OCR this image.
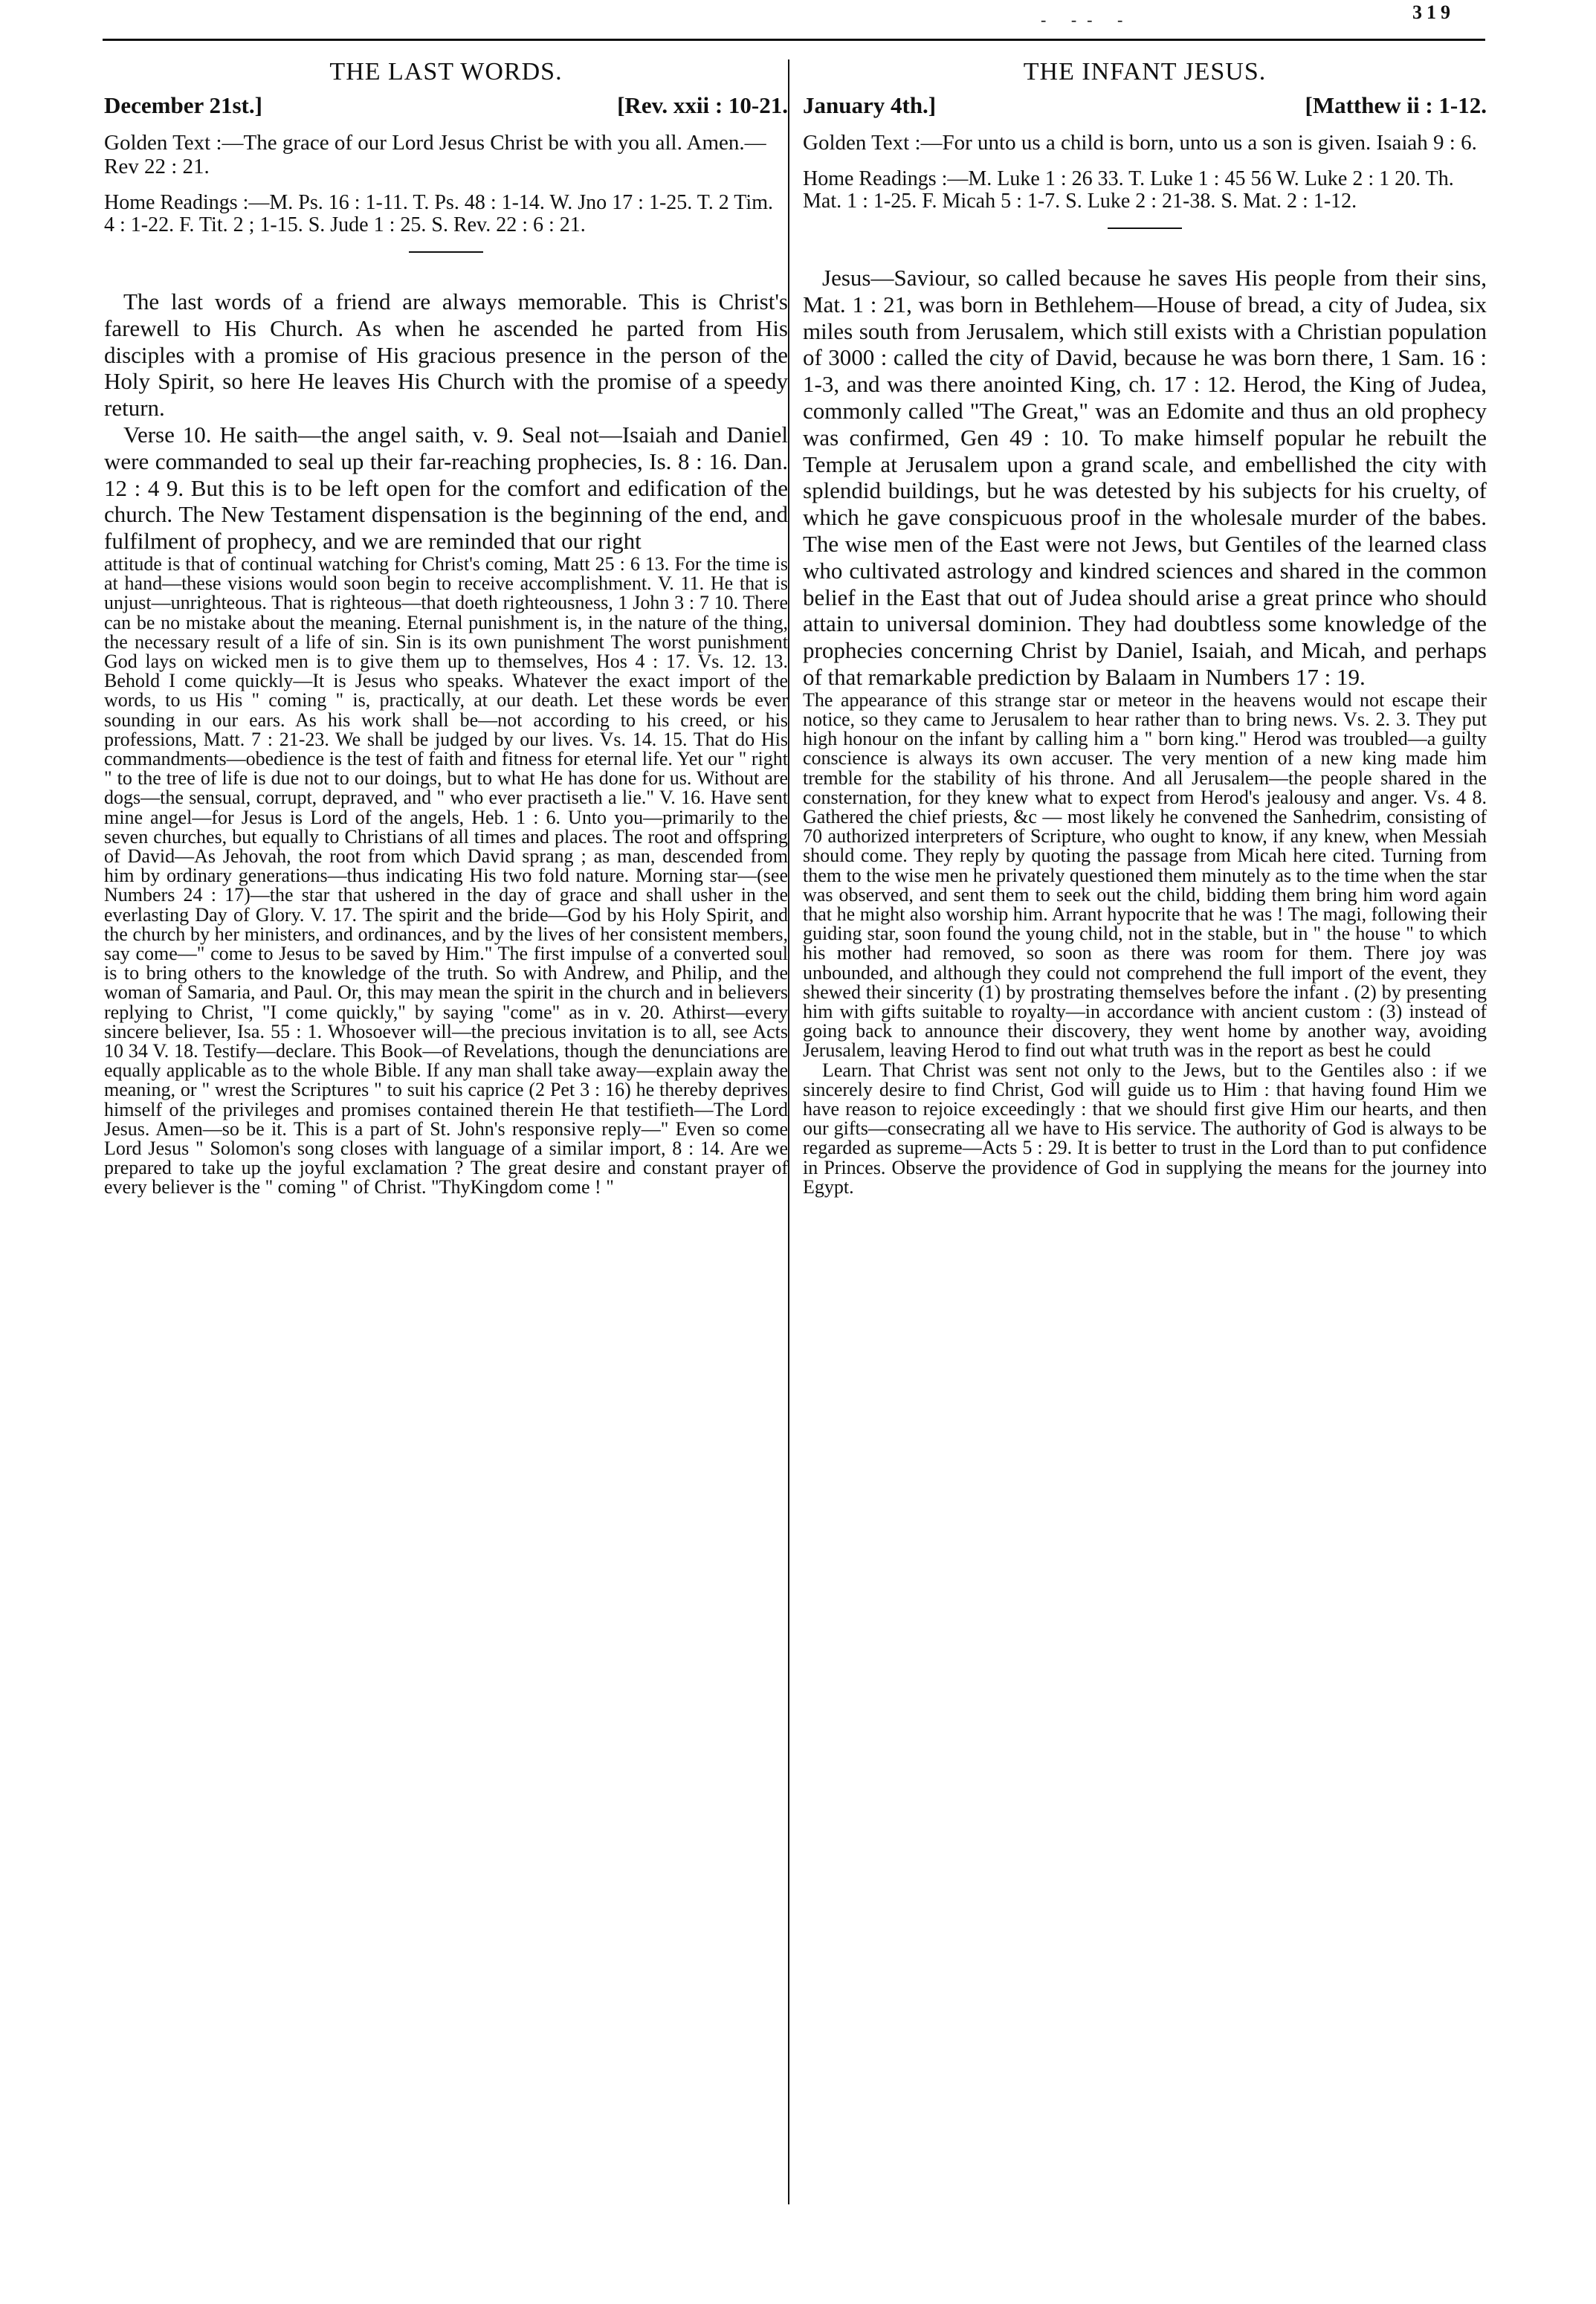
- -- -	319
THE LAST WORDS.
December 21st.]	[Rev. xxii : 10-21.
Golden Text :—The grace of our Lord Jesus Christ be with you all. Amen.—Rev 22 : 21.
Home Readings :—M. Ps. 16 : 1-11. T. Ps. 48 : 1-14. W. Jno 17 : 1-25. T. 2 Tim. 4 : 1-22. F. Tit. 2 ; 1-15. S. Jude 1 : 25. S. Rev. 22 : 6 : 21.

The last words of a friend are always memorable. This is Christ's farewell to His Church. As when he ascended he parted from His disciples with a promise of His gracious presence in the person of the Holy Spirit, so here He leaves His Church with the promise of a speedy return.

Verse 10. He saith—the angel saith, v. 9. Seal not—Isaiah and Daniel were commanded to seal up their far-reaching prophecies, Is. 8 : 16. Dan. 12 : 4 9. But this is to be left open for the comfort and edification of the church. The New Testament dispensation is the beginning of the end, and fulfilment of prophecy, and we are reminded that our right

attitude is that of continual watching for Christ's coming, Matt 25 : 6 13. For the time is at hand—these visions would soon begin to receive accomplishment. V. 11. He that is unjust—unrighteous. That is righteous—that doeth righteousness, 1 John 3 : 7 10. There can be no mistake about the meaning. Eternal punishment is, in the nature of the thing, the necessary result of a life of sin. Sin is its own punishment The worst punishment God lays on wicked men is to give them up to themselves, Hos 4 : 17. Vs. 12. 13. Behold I come quickly—It is Jesus who speaks. Whatever the exact import of the words, to us His " coming " is, practically, at our death. Let these words be ever sounding in our ears. As his work shall be—not according to his creed, or his professions, Matt. 7 : 21-23. We shall be judged by our lives. Vs. 14. 15. That do His commandments—obedience is the test of faith and fitness for eternal life. Yet our " right " to the tree of life is due not to our doings, but to what He has done for us. Without are dogs—the sensual, corrupt, depraved, and " who ever practiseth a lie." V. 16. Have sent mine angel—for Jesus is Lord of the angels, Heb. 1 : 6. Unto you—primarily to the seven churches, but equally to Christians of all times and places. The root and offspring of David—As Jehovah, the root from which David sprang ; as man, descended from him by ordinary generations—thus indicating His two fold nature. Morning star—(see Numbers 24 : 17)—the star that ushered in the day of grace and shall usher in the everlasting Day of Glory. V. 17. The spirit and the bride—God by his Holy Spirit, and the church by her ministers, and ordinances, and by the lives of her consistent members, say come—" come to Jesus to be saved by Him." The first impulse of a converted soul is to bring others to the knowledge of the truth. So with Andrew, and Philip, and the woman of Samaria, and Paul. Or, this may mean the spirit in the church and in believers replying to Christ, "I come quickly," by saying "come" as in v. 20. Athirst—every sincere believer, Isa. 55 : 1. Whosoever will—the precious invitation is to all, see Acts 10 34 V. 18. Testify—declare. This Book—of Revelations, though the denunciations are equally applicable as to the whole Bible. If any man shall take away—explain away the meaning, or " wrest the Scriptures " to suit his caprice (2 Pet 3 : 16) he thereby deprives himself of the privileges and promises contained therein He that testifieth—The Lord Jesus. Amen—so be it. This is a part of St. John's responsive reply—" Even so come Lord Jesus " Solomon's song closes with language of a similar import, 8 : 14. Are we prepared to take up the joyful exclamation ? The great desire and constant prayer of every believer is the " coming " of Christ. "ThyKingdom come ! "

THE INFANT JESUS.
January 4th.]	[Matthew ii : 1-12.
Golden Text :—For unto us a child is born, unto us a son is given. Isaiah 9 : 6.
Home Readings :—M. Luke 1 : 26 33. T. Luke 1 : 45 56 W. Luke 2 : 1 20. Th. Mat. 1 : 1-25. F. Micah 5 : 1-7. S. Luke 2 : 21-38. S. Mat. 2 : 1-12.

Jesus—Saviour, so called because he saves His people from their sins, Mat. 1 : 21, was born in Bethlehem—House of bread, a city of Judea, six miles south from Jerusalem, which still exists with a Christian population of 3000 : called the city of David, because he was born there, 1 Sam. 16 : 1-3, and was there anointed King, ch. 17 : 12. Herod, the King of Judea, commonly called "The Great," was an Edomite and thus an old prophecy was confirmed, Gen 49 : 10. To make himself popular he rebuilt the Temple at Jerusalem upon a grand scale, and embellished the city with splendid buildings, but he was detested by his subjects for his cruelty, of which he gave conspicuous proof in the wholesale murder of the babes. The wise men of the East were not Jews, but Gentiles of the learned class who cultivated astrology and kindred sciences and shared in the common belief in the East that out of Judea should arise a great prince who should attain to universal dominion. They had doubtless some knowledge of the prophecies concerning Christ by Daniel, Isaiah, and Micah, and perhaps of that remarkable prediction by Balaam in Numbers 17 : 19.

The appearance of this strange star or meteor in the heavens would not escape their notice, so they came to Jerusalem to hear rather than to bring news. Vs. 2. 3. They put high honour on the infant by calling him a " born king." Herod was troubled—a guilty conscience is always its own accuser. The very mention of a new king made him tremble for the stability of his throne. And all Jerusalem—the people shared in the consternation, for they knew what to expect from Herod's jealousy and anger. Vs. 4 8. Gathered the chief priests, &c — most likely he convened the Sanhedrim, consisting of 70 authorized interpreters of Scripture, who ought to know, if any knew, when Messiah should come. They reply by quoting the passage from Micah here cited. Turning from them to the wise men he privately questioned them minutely as to the time when the star was observed, and sent them to seek out the child, bidding them bring him word again that he might also worship him. Arrant hypocrite that he was ! The magi, following their guiding star, soon found the young child, not in the stable, but in " the house " to which his mother had removed, so soon as there was room for them. There joy was unbounded, and although they could not comprehend the full import of the event, they shewed their sincerity (1) by prostrating themselves before the infant . (2) by presenting him with gifts suitable to royalty—in accordance with ancient custom : (3) instead of going back to announce their discovery, they went home by another way, avoiding Jerusalem, leaving Herod to find out what truth was in the report as best he could

Learn. That Christ was sent not only to the Jews, but to the Gentiles also : if we sincerely desire to find Christ, God will guide us to Him : that having found Him we have reason to rejoice exceedingly : that we should first give Him our hearts, and then our gifts—consecrating all we have to His service. The authority of God is always to be regarded as supreme—Acts 5 : 29. It is better to trust in the Lord than to put confidence in Princes. Observe the providence of God in supplying the means for the journey into Egypt.
